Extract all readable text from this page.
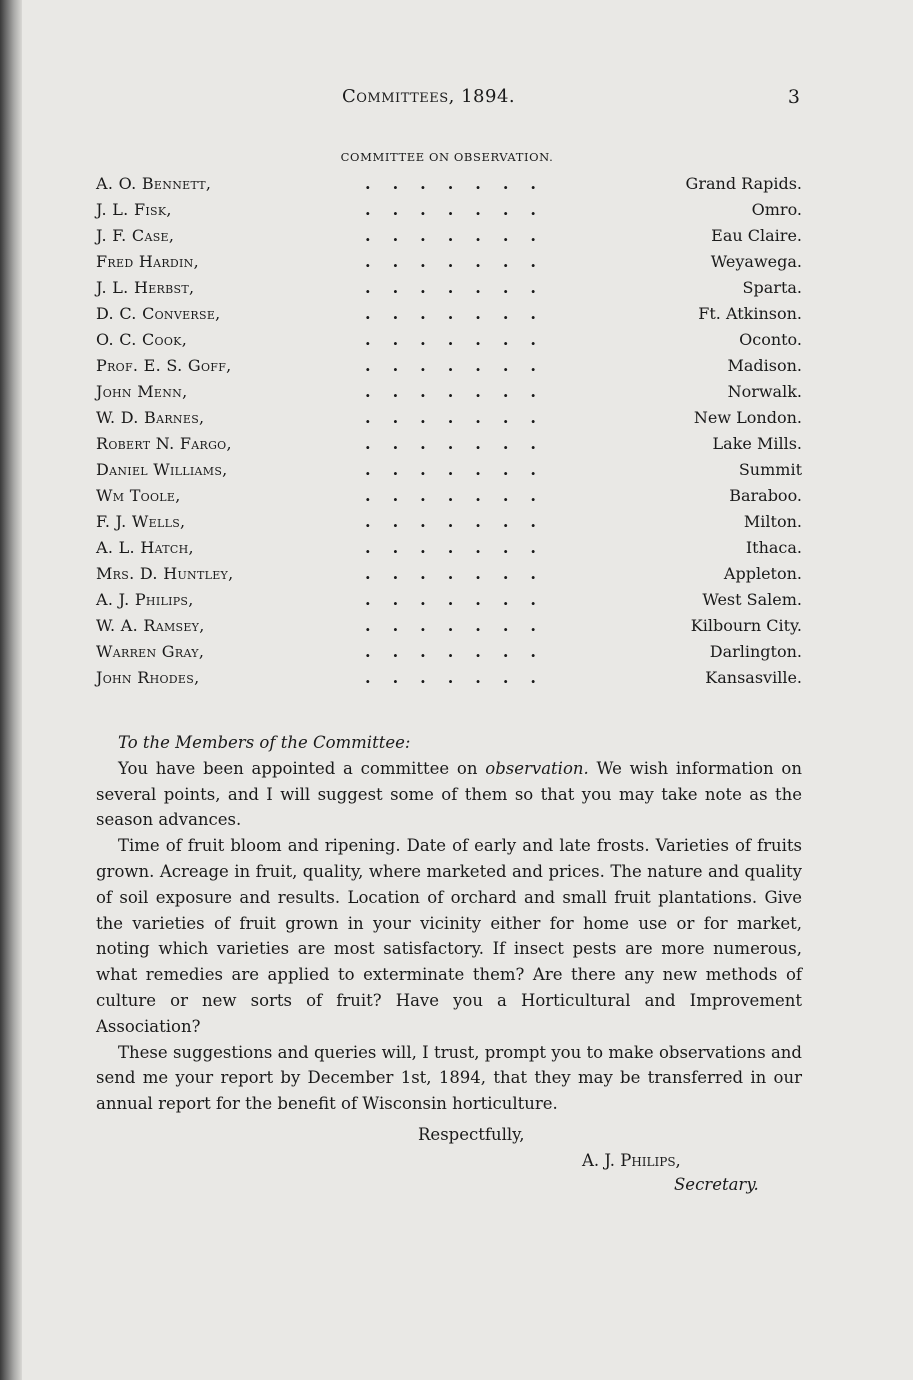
Committees, 1894.	3
COMMITTEE ON OBSERVATION.
A. O. Bennett,	.......	Grand Rapids.
J. L. Fisk,	.......	Omro.
J. F. Case,	.......	Eau Claire.
Fred Hardin,	.......	Weyawega.
J. L. Herbst,	.......	Sparta.
D. C. Converse,	.......	Ft. Atkinson.
O. C. Cook,	.......	Oconto.
Prof. E. S. Goff,	.......	Madison.
John Menn,	.......	Norwalk.
W. D. Barnes,	.......	New London.
Robert N. Fargo,	.......	Lake Mills.
Daniel Williams,	.......	Summit
Wm Toole,	.......	Baraboo.
F. J. Wells,	.......	Milton.
A. L. Hatch,	.......	Ithaca.
Mrs. D. Huntley,	.......	Appleton.
A. J. Philips,	.......	West Salem.
W. A. Ramsey,	.......	Kilbourn City.
Warren Gray,	.......	Darlington.
John Rhodes,	.......	Kansasville.

To the Members of the Committee:

You have been appointed a committee on observation. We wish information on several points, and I will suggest some of them so that you may take note as the season advances.

Time of fruit bloom and ripening. Date of early and late frosts. Varieties of fruits grown. Acreage in fruit, quality, where marketed and prices. The nature and quality of soil exposure and results. Location of orchard and small fruit plantations. Give the varieties of fruit grown in your vicinity either for home use or for market, noting which varieties are most satisfactory. If insect pests are more numerous, what remedies are applied to exterminate them? Are there any new methods of culture or new sorts of fruit? Have you a Horticultural and Improvement Association?

These suggestions and queries will, I trust, prompt you to make observations and send me your report by December 1st, 1894, that they may be transferred in our annual report for the benefit of Wisconsin horticulture.

Respectfully,
A. J. Philips,
Secretary.
